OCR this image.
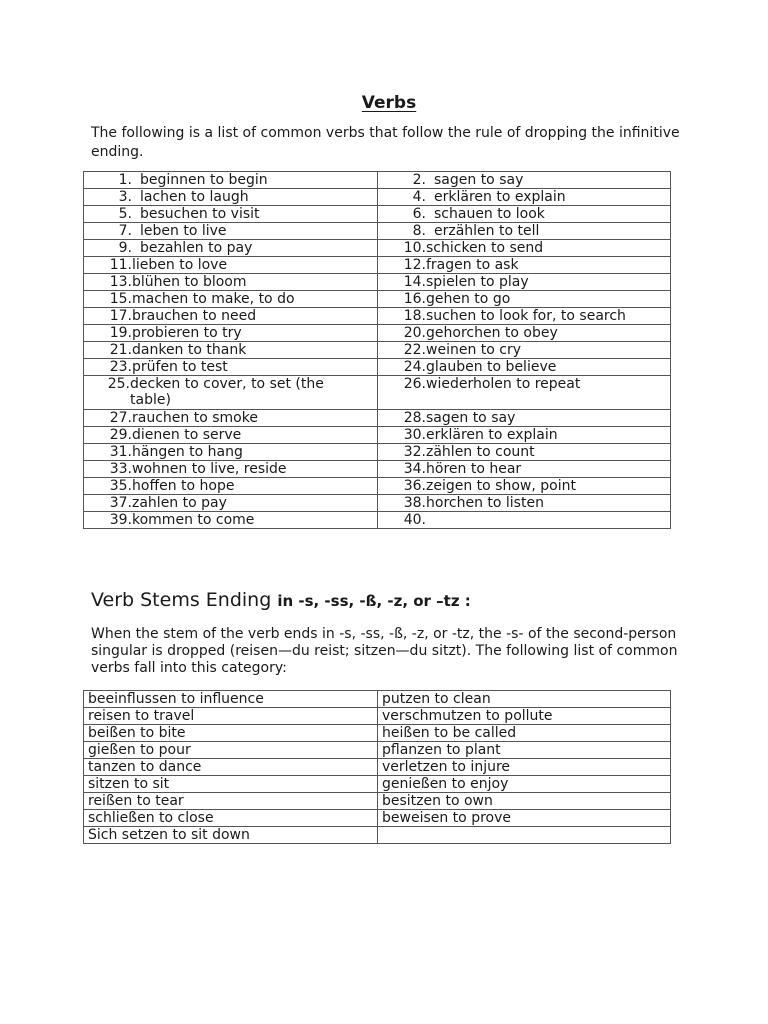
Verbs
The following is a list of common verbs that follow the rule of dropping the infinitive ending.
1. beginnen to begin	2. sagen to say
3. lachen to laugh	4. erklären to explain
5. besuchen to visit	6. schauen to look
7. leben to live	8. erzählen to tell
9. bezahlen to pay	10.schicken to send
11.lieben to love	12.fragen to ask
13.blühen to bloom	14.spielen to play
15.machen to make, to do	16.gehen to go
17.brauchen to need	18.suchen to look for, to search
19.probieren to try	20.gehorchen to obey
21.danken to thank	22.weinen to cry
23.prüfen to test	24.glauben to believe
25.decken to cover, to set (the table)	26.wiederholen to repeat
27.rauchen to smoke	28.sagen to say
29.dienen to serve	30.erklären to explain
31.hängen to hang	32.zählen to count
33.wohnen to live, reside	34.hören to hear
35.hoffen to hope	36.zeigen to show, point
37.zahlen to pay	38.horchen to listen
39.kommen to come	40.
Verb Stems Ending in -s, -ss, -ß, -z, or –tz :
When the stem of the verb ends in -s, -ss, -ß, -z, or -tz, the -s- of the second-person singular is dropped (reisen—du reist; sitzen—du sitzt). The following list of common verbs fall into this category:
beeinflussen to influence	putzen to clean
reisen to travel	verschmutzen to pollute
beißen to bite	heißen to be called
gießen to pour	pflanzen to plant
tanzen to dance	verletzen to injure
sitzen to sit	genießen to enjoy
reißen to tear	besitzen to own
schließen to close	beweisen to prove
Sich setzen to sit down	
